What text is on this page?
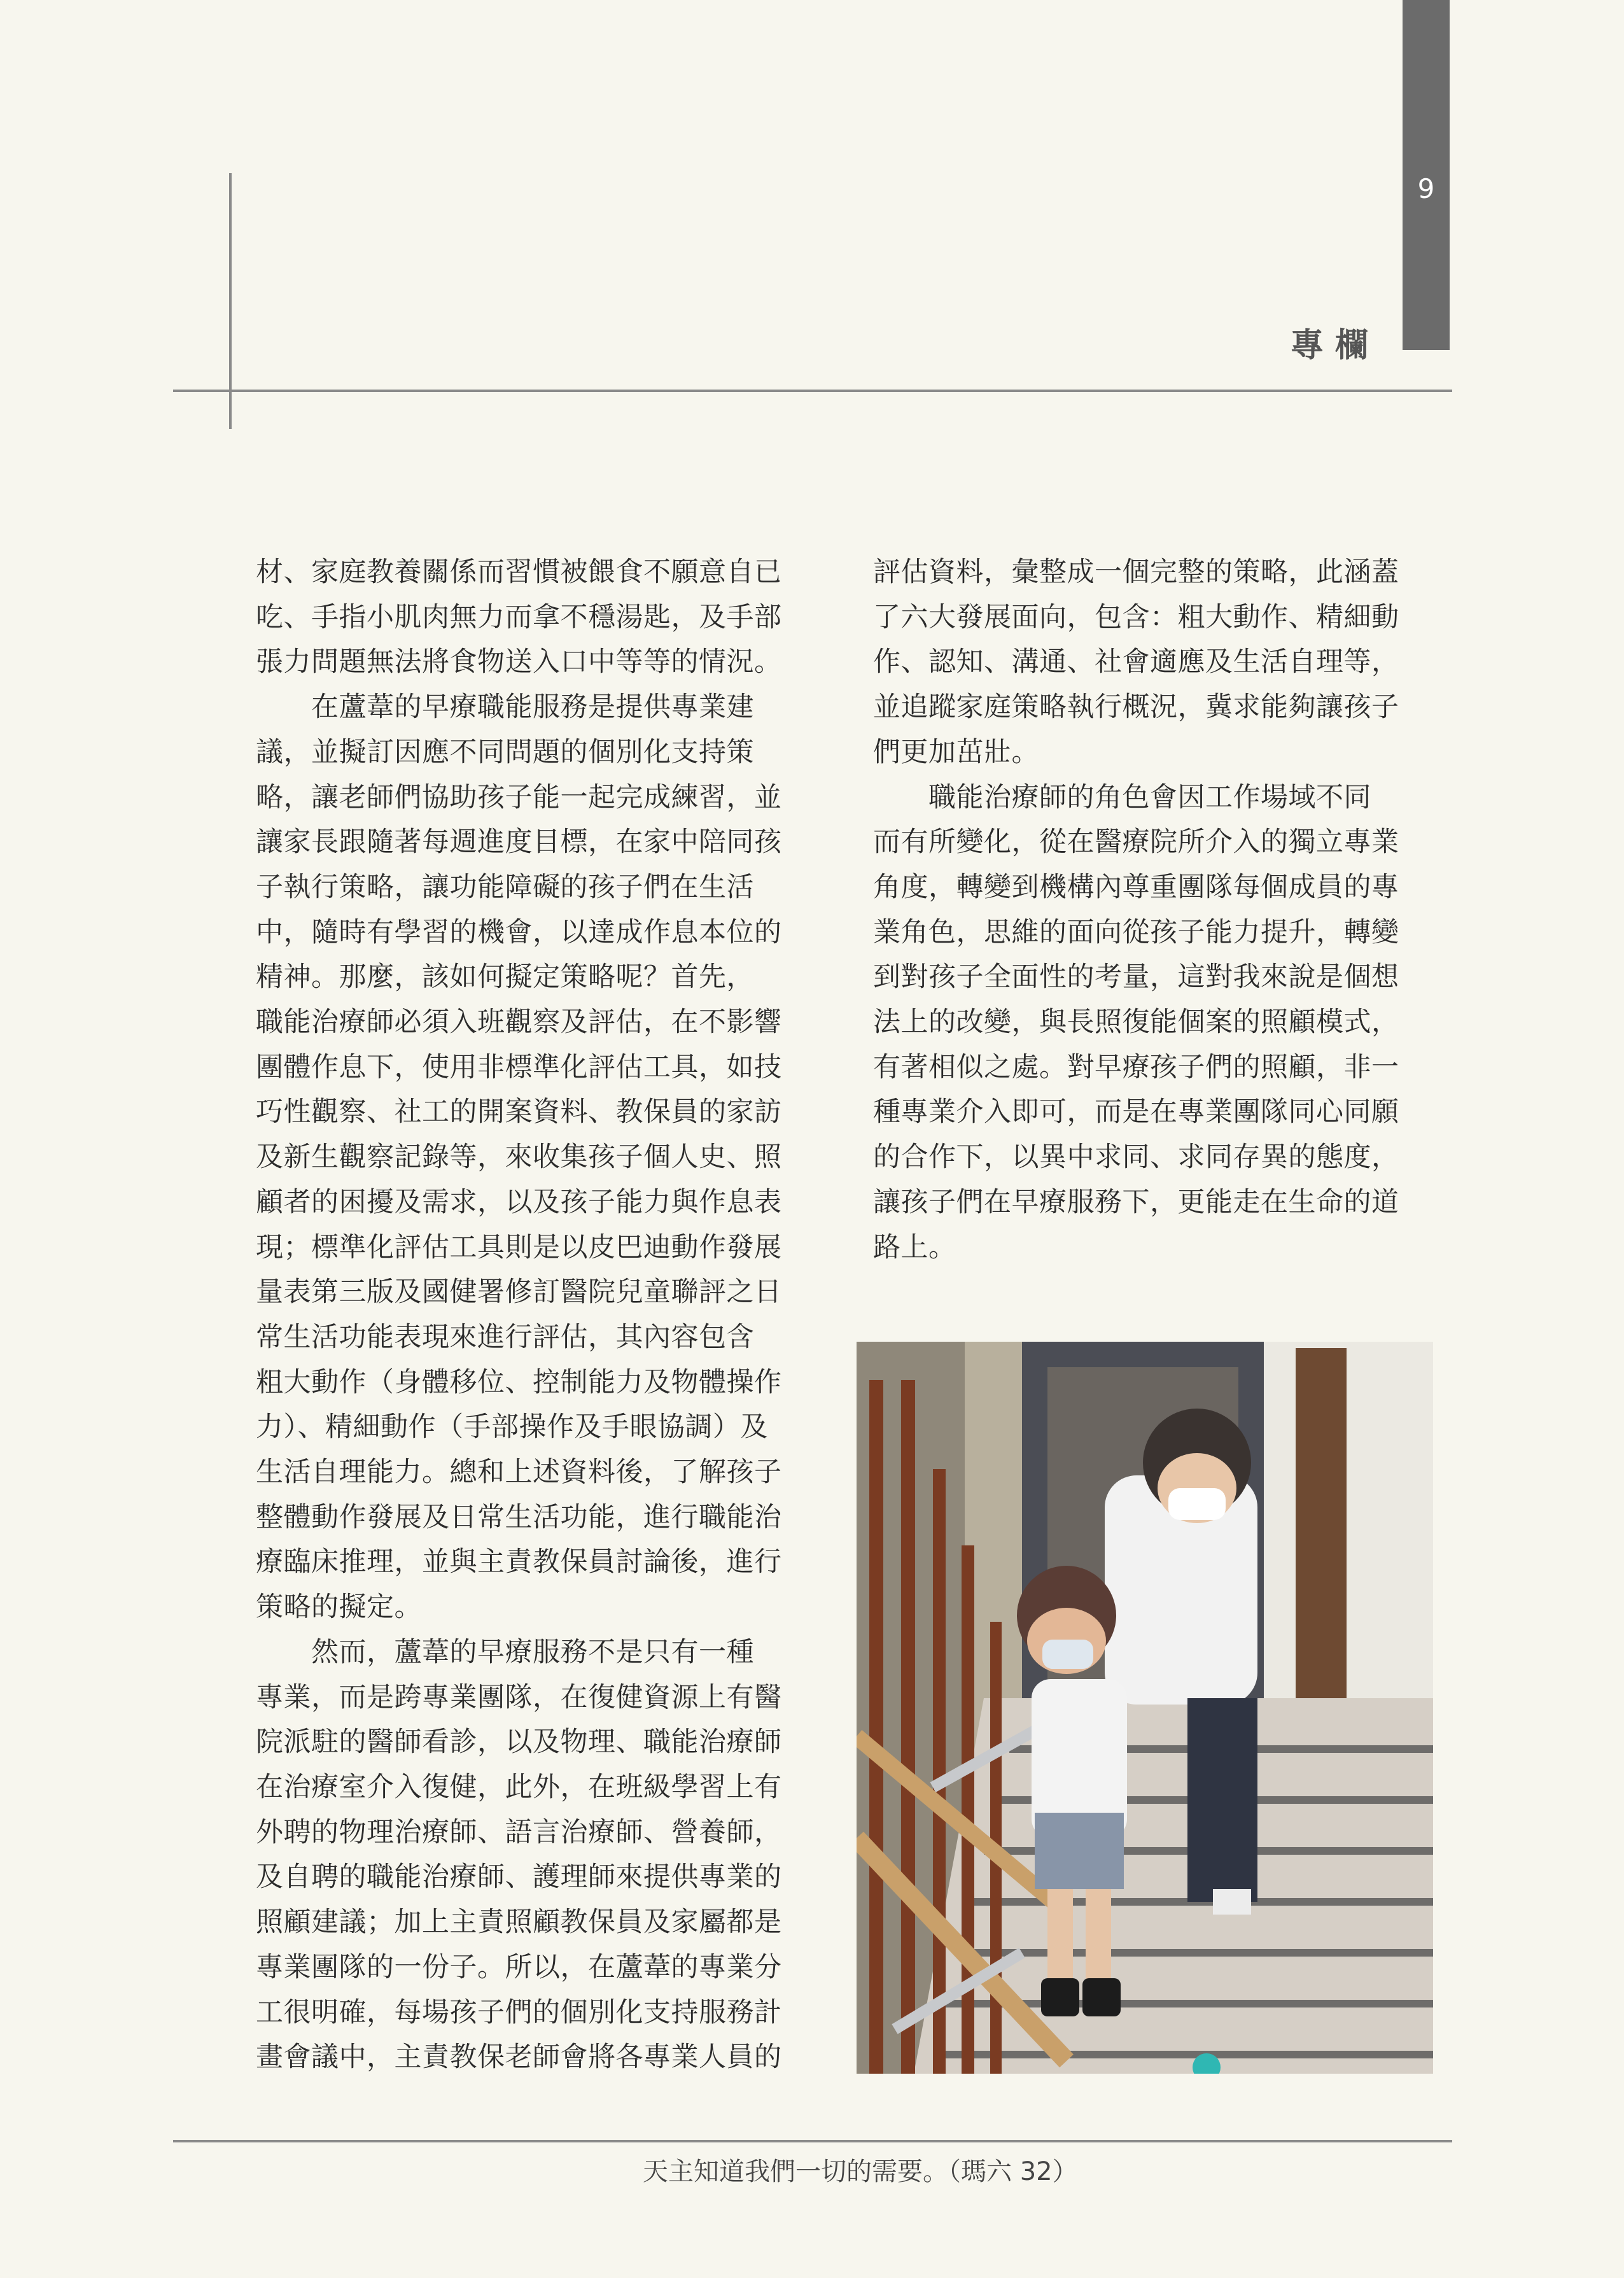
9
專欄

材、家庭教養關係而習慣被餵食不願意自已

吃、手指小肌肉無力而拿不穩湯匙，及手部

張力問題無法將食物送入口中等等的情況。

　　在蘆葦的早療職能服務是提供專業建

議，並擬訂因應不同問題的個別化支持策

略，讓老師們協助孩子能一起完成練習，並

讓家長跟隨著每週進度目標，在家中陪同孩

子執行策略，讓功能障礙的孩子們在生活

中，隨時有學習的機會，以達成作息本位的

精神。那麼，該如何擬定策略呢？首先，

職能治療師必須入班觀察及評估，在不影響

團體作息下，使用非標準化評估工具，如技

巧性觀察、社工的開案資料、教保員的家訪

及新生觀察記錄等，來收集孩子個人史、照

顧者的困擾及需求，以及孩子能力與作息表

現；標準化評估工具則是以皮巴迪動作發展

量表第三版及國健署修訂醫院兒童聯評之日

常生活功能表現來進行評估，其內容包含

粗大動作（身體移位、控制能力及物體操作

力）、精細動作（手部操作及手眼協調）及

生活自理能力。總和上述資料後，了解孩子

整體動作發展及日常生活功能，進行職能治

療臨床推理，並與主責教保員討論後，進行

策略的擬定。

　　然而，蘆葦的早療服務不是只有一種

專業，而是跨專業團隊，在復健資源上有醫

院派駐的醫師看診，以及物理、職能治療師

在治療室介入復健，此外，在班級學習上有

外聘的物理治療師、語言治療師、營養師，

及自聘的職能治療師、護理師來提供專業的

照顧建議；加上主責照顧教保員及家屬都是

專業團隊的一份子。所以，在蘆葦的專業分

工很明確，每場孩子們的個別化支持服務計

畫會議中，主責教保老師會將各專業人員的

評估資料，彙整成一個完整的策略，此涵蓋

了六大發展面向，包含：粗大動作、精細動

作、認知、溝通、社會適應及生活自理等，

並追蹤家庭策略執行概況，冀求能夠讓孩子

們更加茁壯。

　　職能治療師的角色會因工作場域不同

而有所變化，從在醫療院所介入的獨立專業

角度，轉變到機構內尊重團隊每個成員的專

業角色，思維的面向從孩子能力提升，轉變

到對孩子全面性的考量，這對我來說是個想

法上的改變，與長照復能個案的照顧模式，

有著相似之處。對早療孩子們的照顧，非一

種專業介入即可，而是在專業團隊同心同願

的合作下，以異中求同、求同存異的態度，

讓孩子們在早療服務下，更能走在生命的道

路上。

天主知道我們一切的需要。（瑪六 32）
